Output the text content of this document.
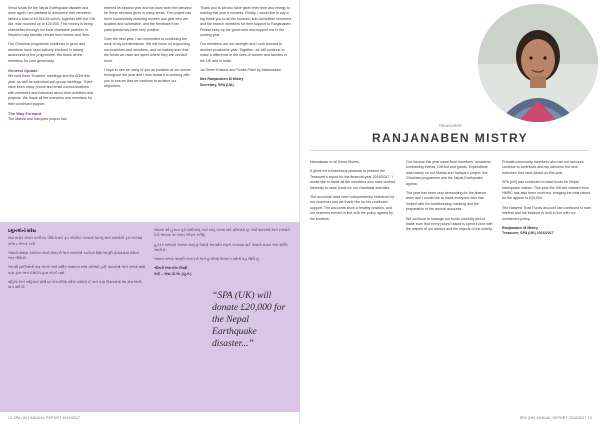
Sewa funds for the Nepal Earthquake disaster and once again I am pleased to announce that members raised a total of £9,944.45 which, together with the Gift Aid, was rounded up to £20,000. This money is being channelled through our local charitable partners in Nepal to help families rebuild their homes and lives.

Our Ghoshna programme continues to grow and members have been actively involved in raising awareness of the programme. We thank all the members for your generosity.

General Update

We held three Trustees' meetings and the AGM this year, as well as individual sub-group meetings. There have been many phone and email communications with members and branches about their activities and projects. We thank all the branches and members for their continued support.

The Way Forward

The Mahila and Sahiyaru project has

entered its second year and we have seen the demand for these services grow in many areas. The project has been successfully reaching women and girls who are isolated and vulnerable, and the feedback from participants has been very positive.

Over the next year, I am committed to continuing the work of my predecessors. We will focus on supporting our branches and members, and on making sure that the funds we raise are spent where they are needed most.

I hope to see as many of you as possible at our events throughout the year and I look forward to working with you to ensure that we continue to achieve our objectives.

Thank you to all who have given their time and energy to making this year a success. Finally, I would like to say a big thank you to all the trustees, sub-committee members and the branch members for their support to Ranjanaben. Please keep up the good work and support me in the coming year.

Our members are our strength and I look forward to another productive year. Together, we will continue to make a difference in the lives of women and families in the UK and in India.

Jai Shree Krishna and Sunita Patel by Ashirwadam

Mrs Ranjanaben M Mistry
Secretary, SPA (UK)
પ્રમુખશ્રીનો સંદેશ

સેવા માર્ફત નેપાળ ધરતીકંપ પીડિતો માટે ફંડ એકત્રિત કરવામાં આવ્યું અને સભ્યોએ કુલ ૧૯૯૪૪ પાઉન્ડ એકત્ર કર્યા.

અમારો ઘોષણા કાર્યક્રમ વધતો જાય છે અને સભ્યોએ કાર્યક્રમ વિશે જાગૃતિ ફેલાવવામાં સક્રિય ભાગ લીધો છે.

આ વર્ષે ટ્રસ્ટીઓની ત્રણ બેઠકો અને વાર્ષિક સામાન્ય સભા યોજાઈ હતી. શાખાઓ અને સભ્યો સાથે ઘણા ફોન અને ઈમેઈલ દ્વારા સંપર્ક રહ્યો.

મહિલા અને સહિયારુ પ્રોજેક્ટ તેના બીજા વર્ષમાં પ્રવેશ્યો છે અને ઘણા વિસ્તારોમાં આ સેવાઓની માંગ વધી છે.

આવતા વર્ષે હું મારા પૂરોગામીઓનું કાર્ય ચાલુ રાખવા માટે પ્રતિબદ્ધ છું. અમે શાખાઓ અને સભ્યોને ટેકો આપવા પર ધ્યાન કેન્દ્રિત કરીશું.

હું દરેક સભ્યનો આભાર માનું છું જેમણે આ વર્ષને સફળ બનાવવા માટે પોતાનો સમય અને શક્તિ આપી છે.

અમારા સભ્યો અમારી તાકાત છે અને હું બીજા ઉત્પાદક વર્ષની રાહ જોઉં છું.

શ્રીમતી રંજનબેન મિસ્ત્રી
મંત્રી – એસ.પી.એ. (યુ.કે.)
12 SPA (UK) ANNUAL REPORT 2016/2017

Namaskaar to all Sewa Sisters.

It gives me tremendous pleasure to present the Treasurer's report for the financial year 2016/2017. I would like to thank all the members who have worked tirelessly to raise funds for our charitable activities.

The accounts have been independently examined by our examiner and we thank him for his continued support. The accounts show a healthy position, and our reserves remain in line with the policy agreed by the trustees.

Our income this year came from members' donations, fundraising events, Gift Aid and grants. Expenditure was mainly on our Mahila and Sahiyaru project, the Ghoshna programme and the Nepal Earthquake appeal.

The year has been very demanding for the finance team and I would like to thank everyone who has helped with the bookkeeping, banking and the preparation of the annual accounts.

We continue to manage our funds carefully and to make sure that every pound raised is spent in line with the wishes of our donors and the objects of the charity.

Prepaid community members who use our services continue to contribute and we welcome the new branches that have joined us this year.

SPA (UK) has continued to raise funds for Nepal earthquake victims. This year the Gift Aid claimed from HMRC has also been received, bringing the total raised for the appeal to £20,000.

The Natwest Trust Funds account has continued to earn interest and the balance is held in line with our investment policy.

Ranjanaben M Mistry
Treasurer, SPA (UK) 2016/2017
SPA (UK) ANNUAL REPORT 2016/2017 13
“SPA (UK) will donate £20,000 for the Nepal Earthquake disaster...”
TREASURER
RANJANABEN MISTRY
